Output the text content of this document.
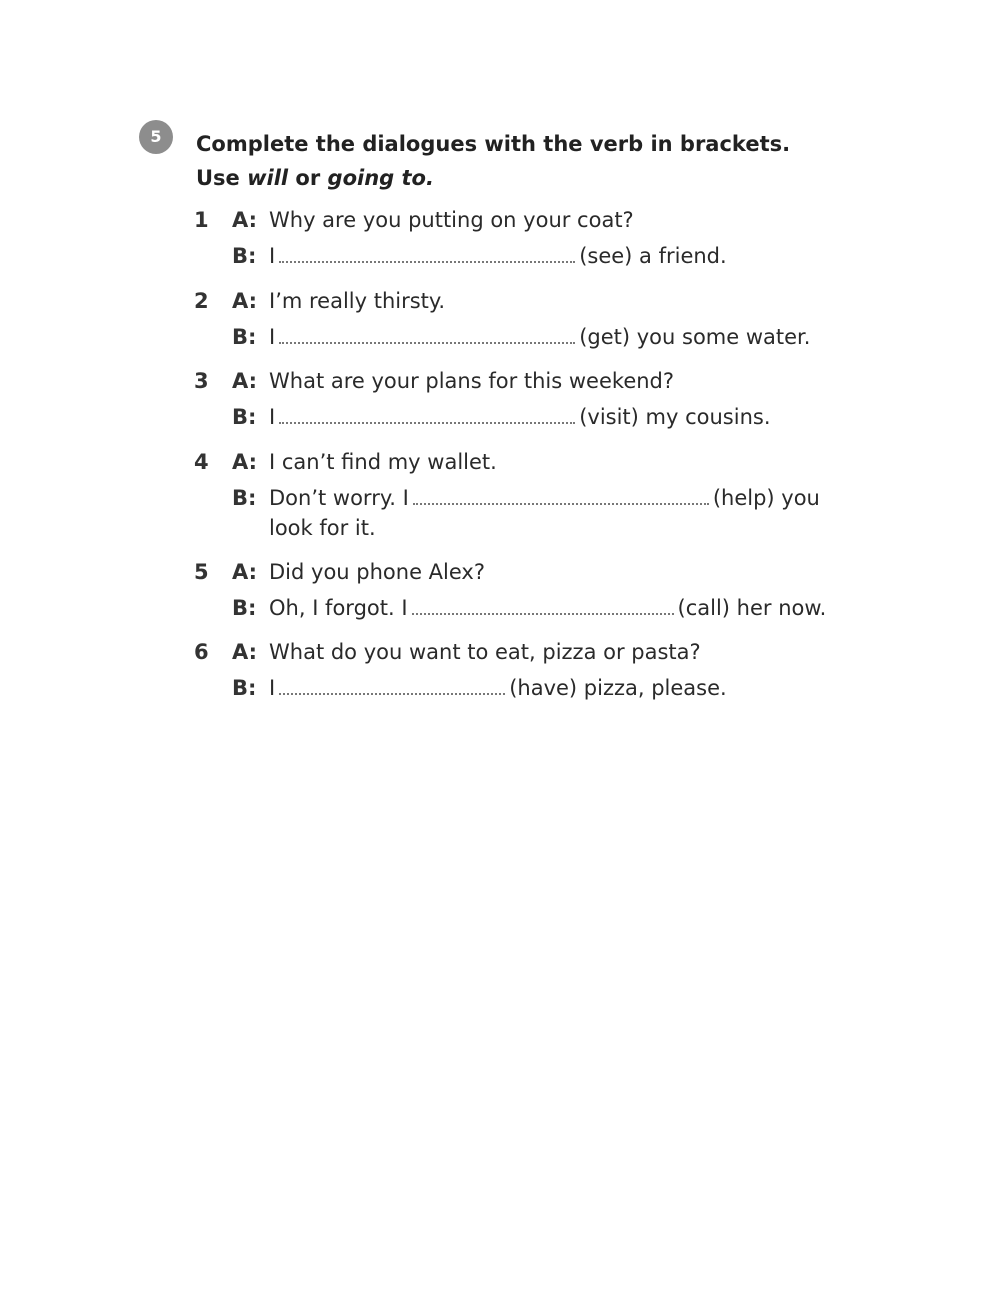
5	Complete the dialogues with the verb in brackets.
Use will or going to.
1	A: Why are you putting on your coat?
B: I	(see) a friend.
2	A: I’m really thirsty.
B: I	(get) you some water.
3	A: What are your plans for this weekend?
B: I	(visit) my cousins.
4	A: I can’t find my wallet.
B: Don’t worry. I	(help) you
look for it.
5	A: Did you phone Alex?
B: Oh, I forgot. I	(call) her now.
6	A: What do you want to eat, pizza or pasta?
B: I	(have) pizza, please.
